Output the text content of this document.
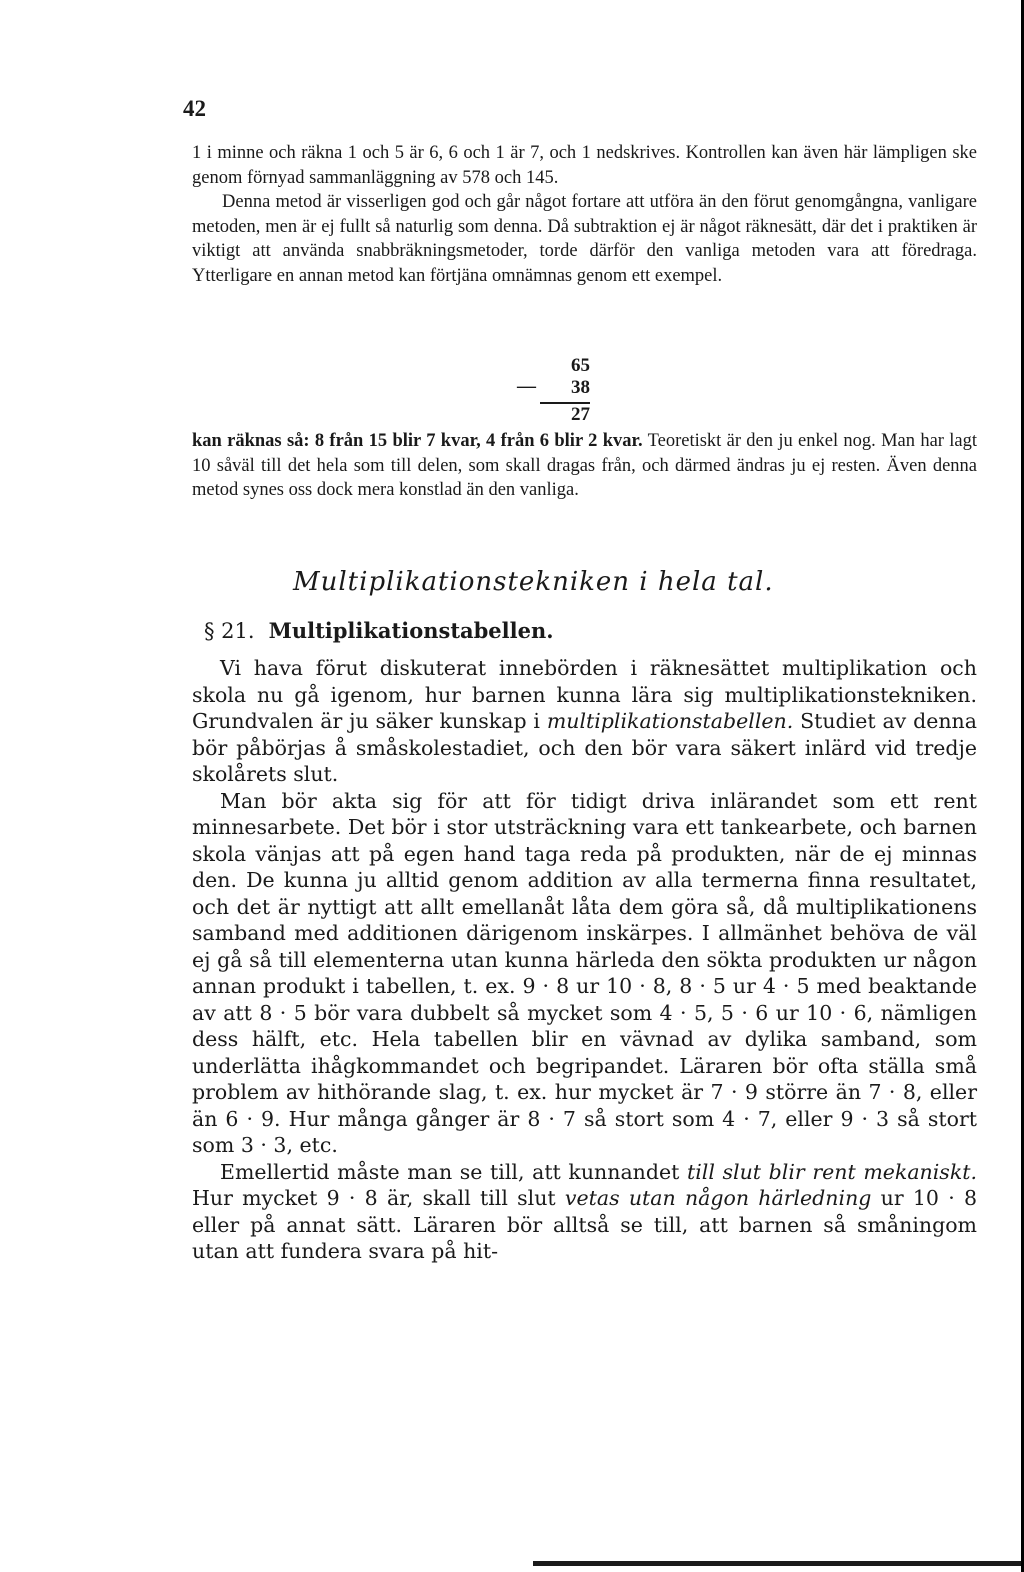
42

1 i minne och räkna 1 och 5 är 6, 6 och 1 är 7, och 1 nedskrives. Kontrollen kan även här lämpligen ske genom förnyad sammanläggning av 578 och 145.

Denna metod är visserligen god och går något fortare att utföra än den förut genomgångna, vanligare metoden, men är ej fullt så naturlig som denna. Då subtraktion ej är något räknesätt, där det i praktiken är viktigt att använda snabbräkningsmetoder, torde därför den vanliga metoden vara att föredraga. Ytterligare en annan metod kan förtjäna omnämnas genom ett exempel.

65
—	38
27

kan räknas så: 8 från 15 blir 7 kvar, 4 från 6 blir 2 kvar. Teoretiskt är den ju enkel nog. Man har lagt 10 såväl till det hela som till delen, som skall dragas från, och därmed ändras ju ej resten. Även denna metod synes oss dock mera konstlad än den vanliga.

Multiplikationstekniken i hela tal.
§ 21. Multiplikationstabellen.

Vi hava förut diskuterat innebörden i räknesättet multiplikation och skola nu gå igenom, hur barnen kunna lära sig multiplikationstekniken. Grundvalen är ju säker kunskap i multiplikationstabellen. Studiet av denna bör påbörjas å småskolestadiet, och den bör vara säkert inlärd vid tredje skolårets slut.

Man bör akta sig för att för tidigt driva inlärandet som ett rent minnesarbete. Det bör i stor utsträckning vara ett tankearbete, och barnen skola vänjas att på egen hand taga reda på produkten, när de ej minnas den. De kunna ju alltid genom addition av alla termerna finna resultatet, och det är nyttigt att allt emellanåt låta dem göra så, då multiplikationens samband med additionen därigenom inskärpes. I allmänhet behöva de väl ej gå så till elementerna utan kunna härleda den sökta produkten ur någon annan produkt i tabellen, t. ex. 9 · 8 ur 10 · 8, 8 · 5 ur 4 · 5 med beaktande av att 8 · 5 bör vara dubbelt så mycket som 4 · 5, 5 · 6 ur 10 · 6, nämligen dess hälft, etc. Hela tabellen blir en vävnad av dylika samband, som underlätta ihågkommandet och begripandet. Läraren bör ofta ställa små problem av hithörande slag, t. ex. hur mycket är 7 · 9 större än 7 · 8, eller än 6 · 9. Hur många gånger är 8 · 7 så stort som 4 · 7, eller 9 · 3 så stort som 3 · 3, etc.

Emellertid måste man se till, att kunnandet till slut blir rent mekaniskt. Hur mycket 9 · 8 är, skall till slut vetas utan någon härledning ur 10 · 8 eller på annat sätt. Läraren bör alltså se till, att barnen så småningom utan att fundera svara på hit-
